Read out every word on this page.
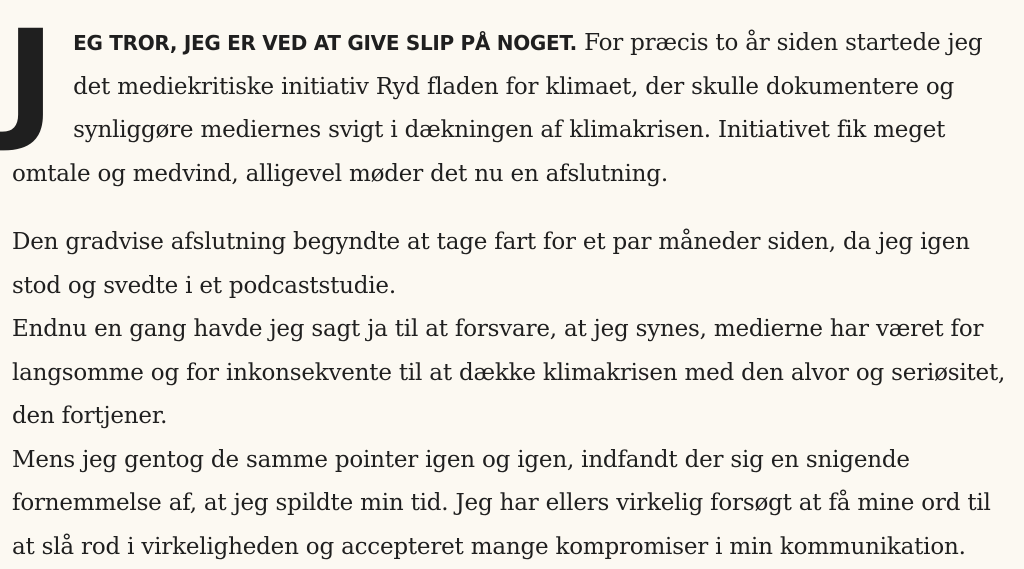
J EG TROR, JEG ER VED AT GIVE SLIP PÅ NOGET. For præcis to år siden startede jeg det mediekritiske initiativ Ryd fladen for klimaet, der skulle dokumentere og synliggøre mediernes svigt i dækningen af klimakrisen. Initiativet fik meget omtale og medvind, alligevel møder det nu en afslutning.

Den gradvise afslutning begyndte at tage fart for et par måneder siden, da jeg igen stod og svedte i et podcaststudie.

Endnu en gang havde jeg sagt ja til at forsvare, at jeg synes, medierne har været for langsomme og for inkonsekvente til at dække klimakrisen med den alvor og seriøsitet, den fortjener.

Mens jeg gentog de samme pointer igen og igen, indfandt der sig en snigende fornemmelse af, at jeg spildte min tid. Jeg har ellers virkelig forsøgt at få mine ord til at slå rod i virkeligheden og accepteret mange kompromiser i min kommunikation.
